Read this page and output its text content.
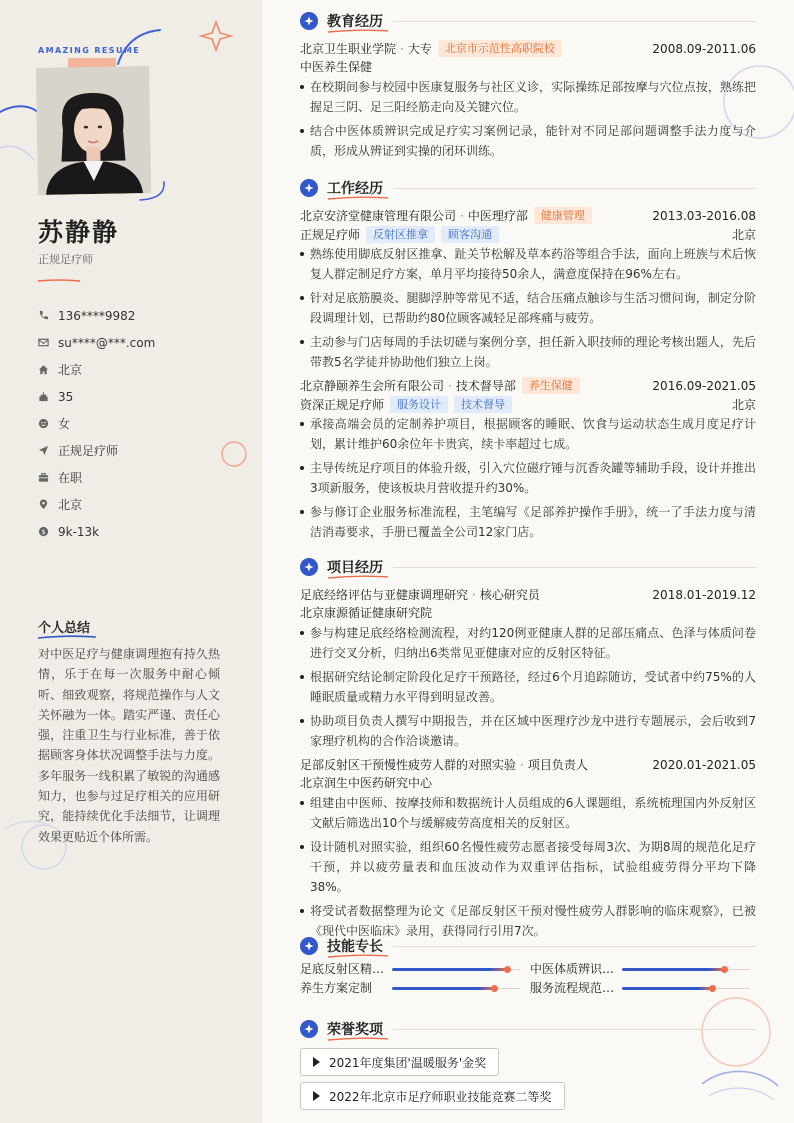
AMAZING RESUME
苏静静
正规足疗师
136****9982
su****@***.com
北京
35
女
正规足疗师
在职
北京
$ 9k-13k
个人总结

对中医足疗与健康调理抱有持久热情，乐于在每一次服务中耐心倾听、细致观察，将规范操作与人文关怀融为一体。踏实严谨、责任心强，注重卫生与行业标准，善于依据顾客身体状况调整手法与力度。多年服务一线积累了敏锐的沟通感知力，也参与过足疗相关的应用研究，能持续优化手法细节，让调理效果更贴近个体所需。

教育经历
北京卫生职业学院 · 大专	北京市示范性高职院校	2008.09-2011.06
中医养生保健
在校期间参与校园中医康复服务与社区义诊，实际操练足部按摩与穴位点按，熟练把握足三阴、足三阳经筋走向及关键穴位。
结合中医体质辨识完成足疗实习案例记录，能针对不同足部问题调整手法力度与介质，形成从辨证到实操的闭环训练。
工作经历
北京安济堂健康管理有限公司 · 中医理疗部	健康管理	2013.03-2016.08
正规足疗师	反射区推拿	顾客沟通	北京
熟练使用脚底反射区推拿、趾关节松解及草本药浴等组合手法，面向上班族与术后恢复人群定制足疗方案，单月平均接待50余人，满意度保持在96%左右。
针对足底筋膜炎、腿脚浮肿等常见不适，结合压痛点触诊与生活习惯问询，制定分阶段调理计划，已帮助约80位顾客减轻足部疼痛与疲劳。
主动参与门店每周的手法切磋与案例分享，担任新入职技师的理论考核出题人，先后带教5名学徒并协助他们独立上岗。
北京静颐养生会所有限公司 · 技术督导部	养生保健	2016.09-2021.05
资深正规足疗师	服务设计	技术督导	北京
承接高端会员的定制养护项目，根据顾客的睡眠、饮食与运动状态生成月度足疗计划，累计维护60余位年卡贵宾，续卡率超过七成。
主导传统足疗项目的体验升级，引入穴位磁疗锤与沉香灸罐等辅助手段，设计并推出3项新服务，使该板块月营收提升约30%。
参与修订企业服务标准流程，主笔编写《足部养护操作手册》，统一了手法力度与清洁消毒要求，手册已覆盖全公司12家门店。
项目经历
足底经络评估与亚健康调理研究 · 核心研究员	2018.01-2019.12
北京康源循证健康研究院
参与构建足底经络检测流程，对约120例亚健康人群的足部压痛点、色泽与体质问卷进行交叉分析，归纳出6类常见亚健康对应的反射区特征。
根据研究结论制定阶段化足疗干预路径，经过6个月追踪随访，受试者中约75%的人睡眠质量或精力水平得到明显改善。
协助项目负责人撰写中期报告，并在区域中医理疗沙龙中进行专题展示，会后收到7家理疗机构的合作洽谈邀请。
足部反射区干预慢性疲劳人群的对照实验 · 项目负责人	2020.01-2021.05
北京润生中医药研究中心
组建由中医师、按摩技师和数据统计人员组成的6人课题组，系统梳理国内外反射区文献后筛选出10个与缓解疲劳高度相关的反射区。
设计随机对照实验，组织60名慢性疲劳志愿者接受每周3次、为期8周的规范化足疗干预，并以疲劳量表和血压波动作为双重评估指标，试验组疲劳得分平均下降38%。
将受试者数据整理为论文《足部反射区干预对慢性疲劳人群影响的临床观察》，已被《现代中医临床》录用，获得同行引用7次。
技能专长
足底反射区精…	中医体质辨识…
养生方案定制	服务流程规范…
荣誉奖项
2021年度集团'温暖服务'金奖
2022年北京市足疗师职业技能竞赛二等奖
